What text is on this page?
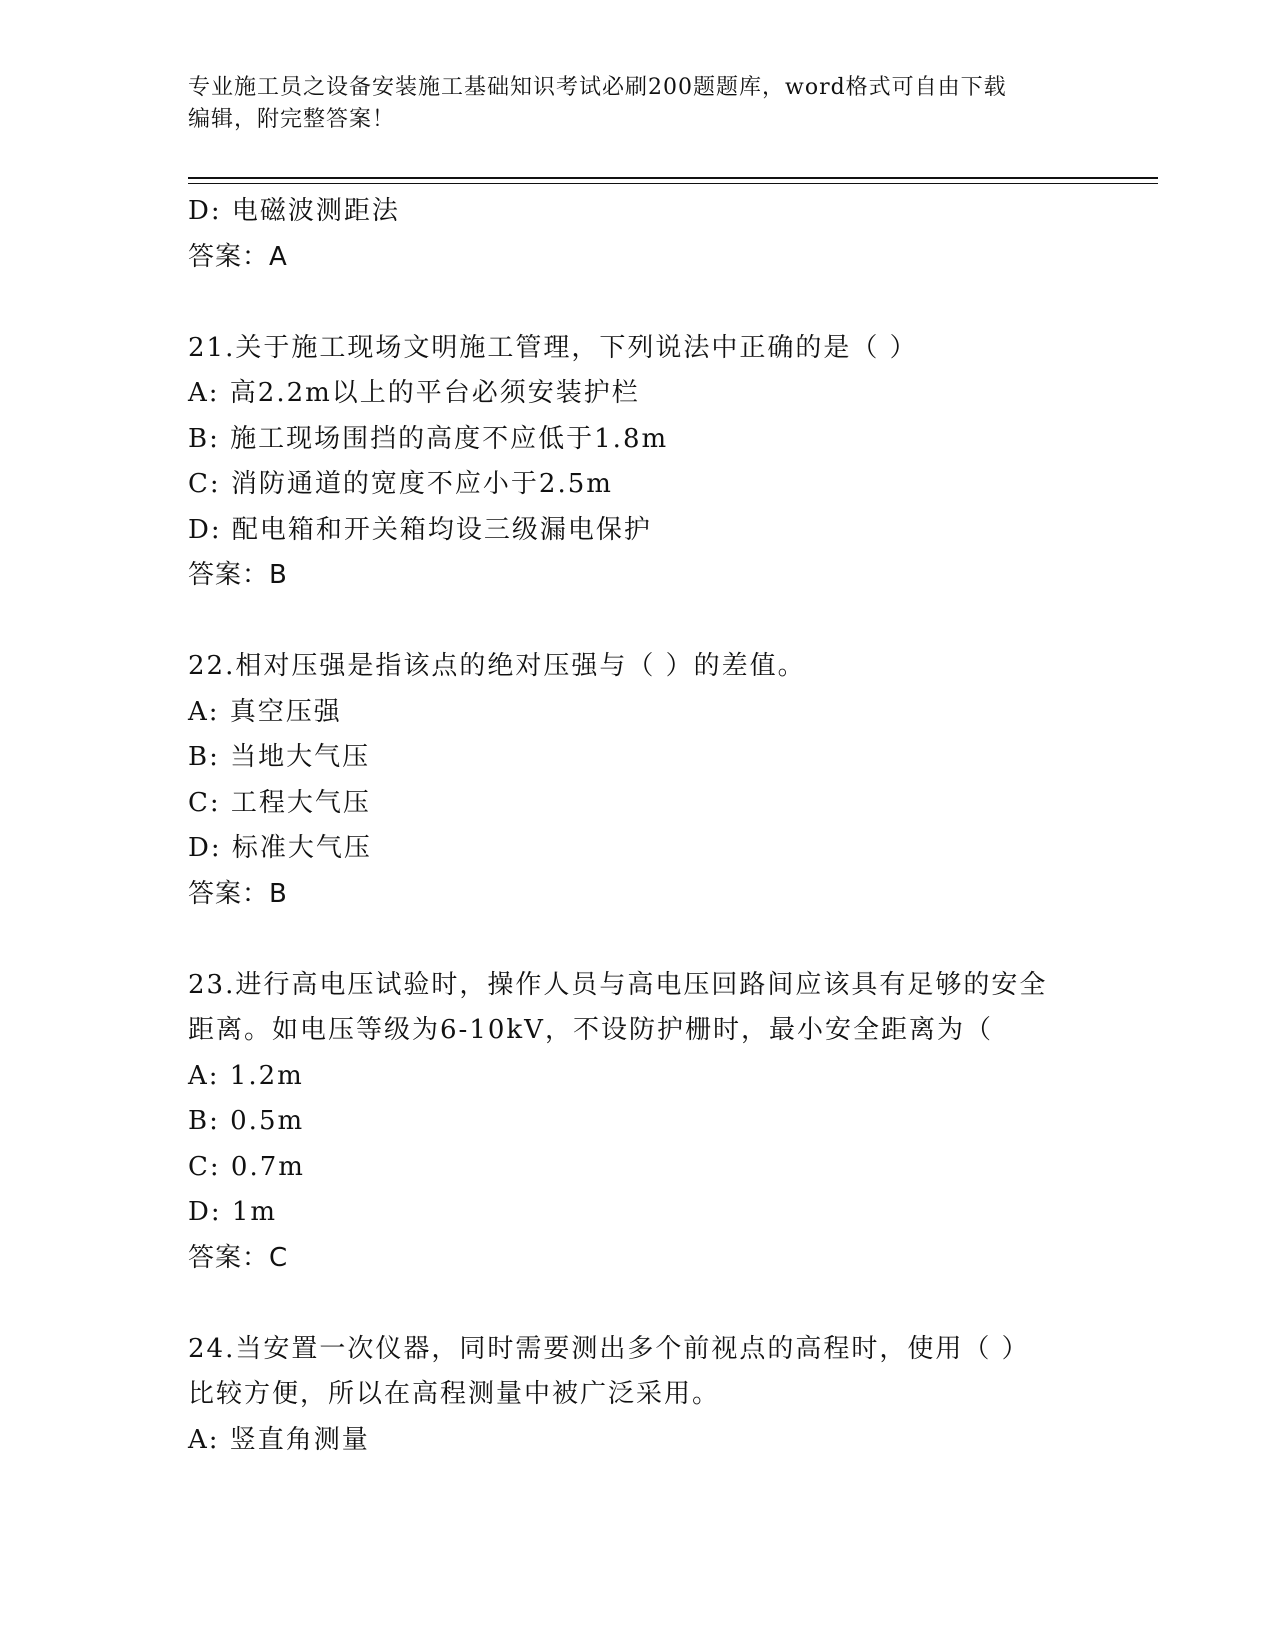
专业施工员之设备安装施工基础知识考试必刷200题题库，word格式可自由下载
编辑，附完整答案！
D: 电磁波测距法
答案：A
21.关于施工现场文明施工管理，下列说法中正确的是（ ）
A: 高2.2m以上的平台必须安装护栏
B: 施工现场围挡的高度不应低于1.8m
C: 消防通道的宽度不应小于2.5m
D: 配电箱和开关箱均设三级漏电保护
答案：B
22.相对压强是指该点的绝对压强与（ ）的差值。
A: 真空压强
B: 当地大气压
C: 工程大气压
D: 标准大气压
答案：B
23.进行高电压试验时，操作人员与高电压回路间应该具有足够的安全
距离。如电压等级为6-10kV，不设防护栅时，最小安全距离为（
A: 1.2m
B: 0.5m
C: 0.7m
D: 1m
答案：C
24.当安置一次仪器，同时需要测出多个前视点的高程时，使用（ ）
比较方便，所以在高程测量中被广泛采用。
A: 竖直角测量
